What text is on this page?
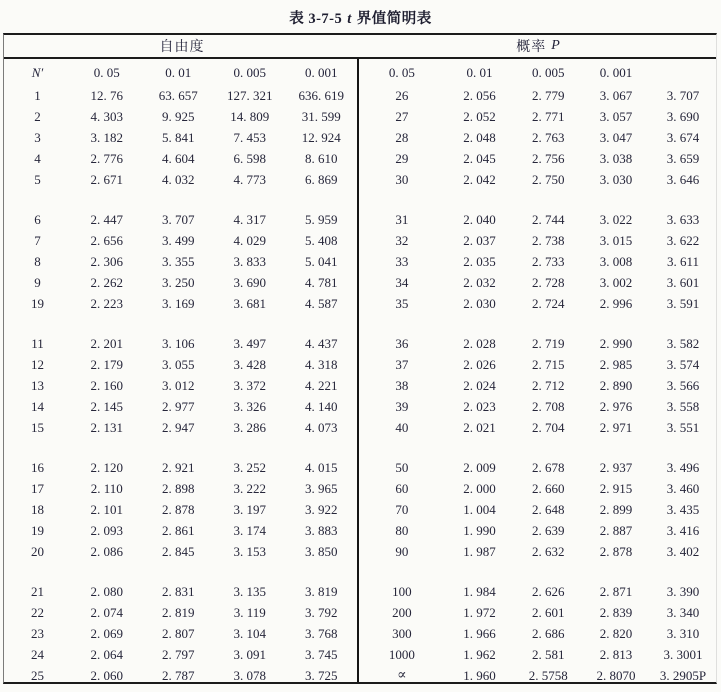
表 3-7-5 t 界值简明表
自由度	概率 P
N′	0. 05	0. 01	0. 005	0. 001
1	12. 76	63. 657	127. 321	636. 619
2	4. 303	9. 925	14. 809	31. 599
3	3. 182	5. 841	7. 453	12. 924
4	2. 776	4. 604	6. 598	8. 610
5	2. 671	4. 032	4. 773	6. 869
6	2. 447	3. 707	4. 317	5. 959
7	2. 656	3. 499	4. 029	5. 408
8	2. 306	3. 355	3. 833	5. 041
9	2. 262	3. 250	3. 690	4. 781
19	2. 223	3. 169	3. 681	4. 587
11	2. 201	3. 106	3. 497	4. 437
12	2. 179	3. 055	3. 428	4. 318
13	2. 160	3. 012	3. 372	4. 221
14	2. 145	2. 977	3. 326	4. 140
15	2. 131	2. 947	3. 286	4. 073
16	2. 120	2. 921	3. 252	4. 015
17	2. 110	2. 898	3. 222	3. 965
18	2. 101	2. 878	3. 197	3. 922
19	2. 093	2. 861	3. 174	3. 883
20	2. 086	2. 845	3. 153	3. 850
21	2. 080	2. 831	3. 135	3. 819
22	2. 074	2. 819	3. 119	3. 792
23	2. 069	2. 807	3. 104	3. 768
24	2. 064	2. 797	3. 091	3. 745
25	2. 060	2. 787	3. 078	3. 725
0. 05	0. 01	0. 005	0. 001
26	2. 056	2. 779	3. 067	3. 707
27	2. 052	2. 771	3. 057	3. 690
28	2. 048	2. 763	3. 047	3. 674
29	2. 045	2. 756	3. 038	3. 659
30	2. 042	2. 750	3. 030	3. 646
31	2. 040	2. 744	3. 022	3. 633
32	2. 037	2. 738	3. 015	3. 622
33	2. 035	2. 733	3. 008	3. 611
34	2. 032	2. 728	3. 002	3. 601
35	2. 030	2. 724	2. 996	3. 591
36	2. 028	2. 719	2. 990	3. 582
37	2. 026	2. 715	2. 985	3. 574
38	2. 024	2. 712	2. 890	3. 566
39	2. 023	2. 708	2. 976	3. 558
40	2. 021	2. 704	2. 971	3. 551
50	2. 009	2. 678	2. 937	3. 496
60	2. 000	2. 660	2. 915	3. 460
70	1. 004	2. 648	2. 899	3. 435
80	1. 990	2. 639	2. 887	3. 416
90	1. 987	2. 632	2. 878	3. 402
100	1. 984	2. 626	2. 871	3. 390
200	1. 972	2. 601	2. 839	3. 340
300	1. 966	2. 686	2. 820	3. 310
1000	1. 962	2. 581	2. 813	3. 3001
∝	1. 960	2. 5758	2. 8070	3. 2905P
